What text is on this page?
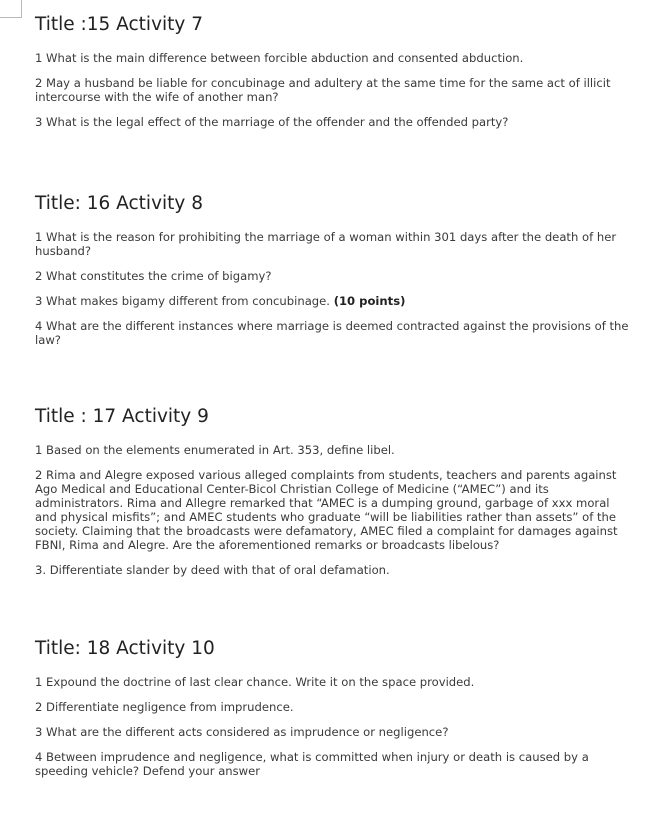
Title :15 Activity 7

1 What is the main difference between forcible abduction and consented abduction.

2 May a husband be liable for concubinage and adultery at the same time for the same act of illicit intercourse with the wife of another man?

3 What is the legal effect of the marriage of the offender and the offended party?

Title: 16 Activity 8

1 What is the reason for prohibiting the marriage of a woman within 301 days after the death of her husband?

2 What constitutes the crime of bigamy?

3 What makes bigamy different from concubinage. (10 points)

4 What are the different instances where marriage is deemed contracted against the provisions of the law?

Title : 17 Activity 9

1 Based on the elements enumerated in Art. 353, define libel.

2 Rima and Alegre exposed various alleged complaints from students, teachers and parents against Ago Medical and Educational Center-Bicol Christian College of Medicine (“AMEC”) and its administrators. Rima and Allegre remarked that “AMEC is a dumping ground, garbage of xxx moral and physical misfits”; and AMEC students who graduate “will be liabilities rather than assets” of the society. Claiming that the broadcasts were defamatory, AMEC filed a complaint for damages against FBNI, Rima and Alegre. Are the aforementioned remarks or broadcasts libelous?

3. Differentiate slander by deed with that of oral defamation.

Title: 18 Activity 10

1 Expound the doctrine of last clear chance. Write it on the space provided.

2 Differentiate negligence from imprudence.

3 What are the different acts considered as imprudence or negligence?

4 Between imprudence and negligence, what is committed when injury or death is caused by a speeding vehicle? Defend your answer
